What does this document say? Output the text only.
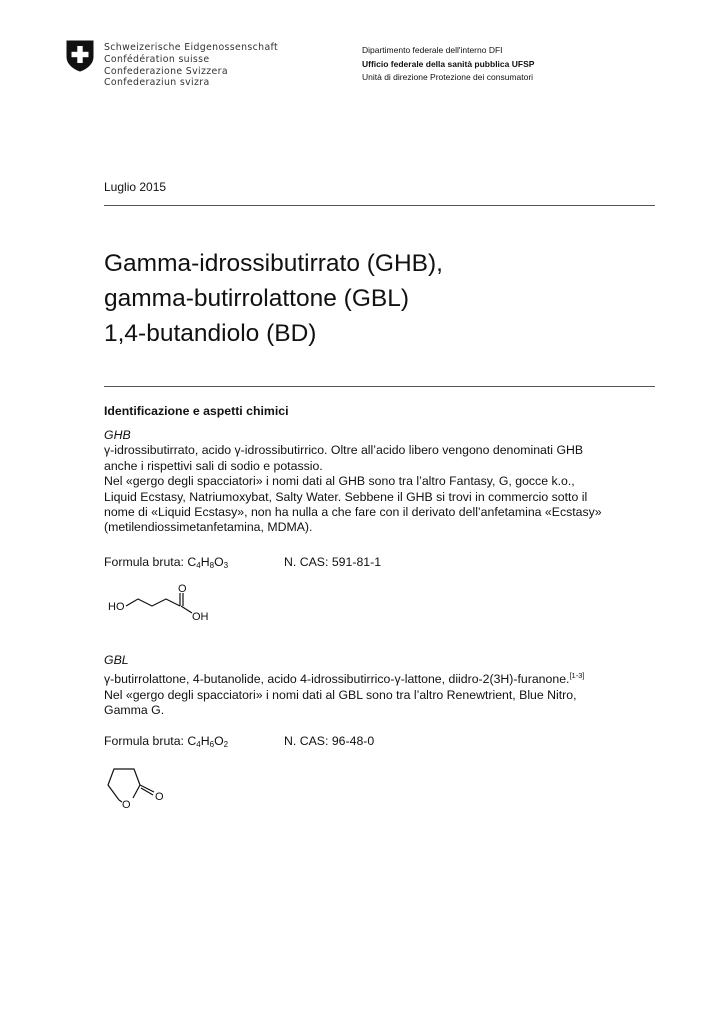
Schweizerische Eidgenossenschaft
Confédération suisse
Confederazione Svizzera
Confederaziun svizra
Dipartimento federale dell'interno DFI
Ufficio federale della sanità pubblica UFSP
Unità di direzione Protezione dei consumatori
Luglio 2015
Gamma-idrossibutirrato (GHB),
gamma-butirrolattone (GBL)
1,4-butandiolo (BD)
Identificazione e aspetti chimici
GHB
γ-idrossibutirrato, acido γ-idrossibutirrico. Oltre all’acido libero vengono denominati GHB
anche i rispettivi sali di sodio e potassio.
Nel «gergo degli spacciatori» i nomi dati al GHB sono tra l’altro Fantasy, G, gocce k.o.,
Liquid Ecstasy, Natriumoxybat, Salty Water. Sebbene il GHB si trovi in commercio sotto il
nome di «Liquid Ecstasy», non ha nulla a che fare con il derivato dell’anfetamina «Ecstasy»
(metilendiossimetanfetamina, MDMA).
Formula bruta: $C_4H_8O_3$	N. CAS: 591-81-1
HO
O
OH
GBL
γ-butirrolattone, 4-butanolide, acido 4-idrossibutirrico-γ-lattone, diidro-2(3H)-furanone.[1-3]
Nel «gergo degli spacciatori» i nomi dati al GBL sono tra l’altro Renewtrient, Blue Nitro,
Gamma G.
Formula bruta: $C_4H_6O_2$	N. CAS: 96-48-0
O
O
